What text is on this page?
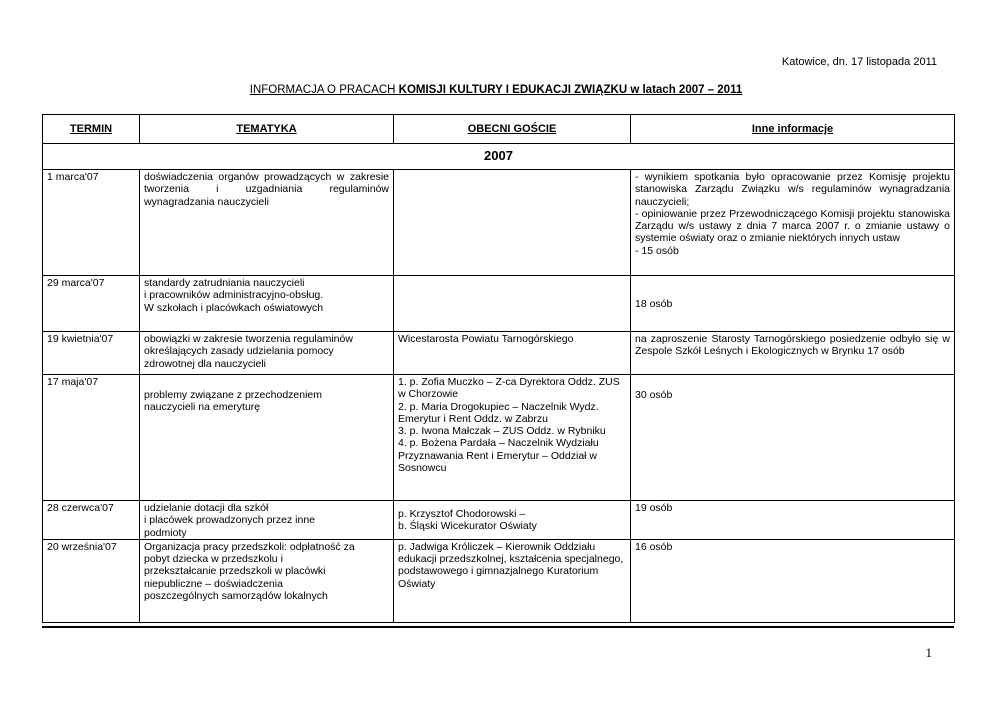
Katowice, dn. 17 listopada 2011
INFORMACJA O PRACACH KOMISJI KULTURY I EDUKACJI ZWIĄZKU w latach 2007 – 2011
TERMIN	TEMATYKA	OBECNI GOŚCIE	Inne informacje
2007			
1 marca'07	doświadczenia organów prowadzących w zakresie tworzenia i uzgadniania regulaminów wynagradzania nauczycieli		- wynikiem spotkania było opracowanie przez Komisję projektu stanowiska Zarządu Związku w/s regulaminów wynagradzania nauczycieli;
- opiniowanie przez Przewodniczącego Komisji projektu stanowiska Zarządu w/s ustawy z dnia 7 marca 2007 r. o zmianie ustawy o systemie oświaty oraz o zmianie niektórych innych ustaw
- 15 osób

29 marca'07	standardy zatrudniania nauczycieli
i pracowników administracyjno-obsług.
W szkołach i placówkach oświatowych		18 osób
19 kwietnia'07	obowiązki w zakresie tworzenia regulaminów
określających zasady udzielania pomocy
zdrowotnej dla nauczycieli	Wicestarosta Powiatu Tarnogórskiego	na zaproszenie Starosty Tarnogórskiego posiedzenie odbyło się w Zespole Szkół Leśnych i Ekologicznych w Brynku 17 osób
17 maja'07	problemy związane z przechodzeniem
nauczycieli na emeryturę	1. p. Zofia Muczko – Z-ca Dyrektora Oddz. ZUS w Chorzowie
2. p. Maria Drogokupiec – Naczelnik Wydz. Emerytur i Rent Oddz. w Zabrzu
3. p. Iwona Małczak – ZUS Oddz. w Rybniku
4. p. Bożena Pardała – Naczelnik Wydziału Przyznawania Rent i Emerytur – Oddział w Sosnowcu	30 osób
28 czerwca'07	udzielanie dotacji dla szkół
i placówek prowadzonych przez inne
podmioty	p. Krzysztof Chodorowski –
b. Śląski Wicekurator Oświaty	19 osób
20 września'07	Organizacja pracy przedszkoli: odpłatność za
pobyt dziecka w przedszkolu i
przekształcanie przedszkoli w placówki
niepubliczne – doświadczenia
poszczególnych samorządów lokalnych	p. Jadwiga Króliczek – Kierownik Oddziału edukacji przedszkolnej, kształcenia specjalnego, podstawowego i gimnazjalnego Kuratorium Oświaty	16 osób
1
